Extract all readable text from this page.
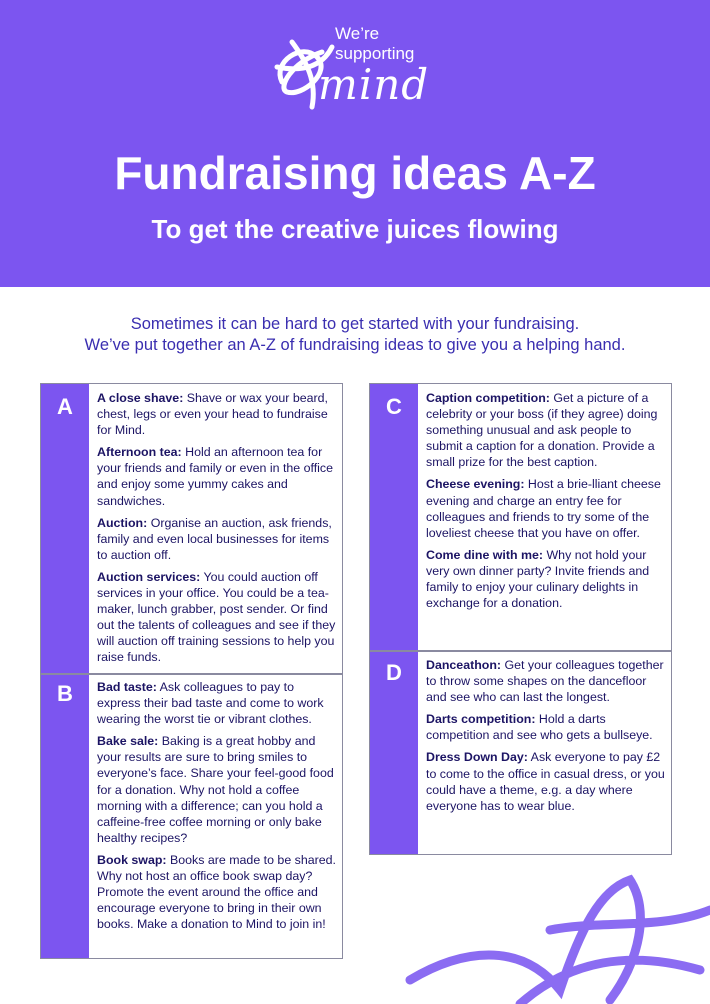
We’re
supporting
mind
Fundraising ideas A-Z
To get the creative juices flowing
Sometimes it can be hard to get started with your fundraising.
We’ve put together an A-Z of fundraising ideas to give you a helping hand.
A
B
A close shave: Shave or wax your beard, chest, legs or even your head to fundraise for Mind.
Afternoon tea: Hold an afternoon tea for your friends and family or even in the office and enjoy some yummy cakes and sandwiches.
Auction: Organise an auction, ask friends, family and even local businesses for items to auction off.
Auction services: You could auction off services in your office. You could be a tea-maker, lunch grabber, post sender. Or find out the talents of colleagues and see if they will auction off training sessions to help you raise funds.
Bad taste: Ask colleagues to pay to express their bad taste and come to work wearing the worst tie or vibrant clothes.
Bake sale: Baking is a great hobby and your results are sure to bring smiles to everyone’s face. Share your feel-good food for a donation. Why not hold a coffee morning with a difference; can you hold a caffeine-free coffee morning or only bake healthy recipes?
Book swap: Books are made to be shared. Why not host an office book swap day? Promote the event around the office and encourage everyone to bring in their own books. Make a donation to Mind to join in!
C
D
Caption competition: Get a picture of a celebrity or your boss (if they agree) doing something unusual and ask people to submit a caption for a donation. Provide a small prize for the best caption.
Cheese evening: Host a brie-lliant cheese evening and charge an entry fee for colleagues and friends to try some of the loveliest cheese that you have on offer.
Come dine with me: Why not hold your very own dinner party? Invite friends and family to enjoy your culinary delights in exchange for a donation.
Danceathon: Get your colleagues together to throw some shapes on the dancefloor and see who can last the longest.
Darts competition: Hold a darts competition and see who gets a bullseye.
Dress Down Day: Ask everyone to pay £2 to come to the office in casual dress, or you could have a theme, e.g. a day where everyone has to wear blue.
